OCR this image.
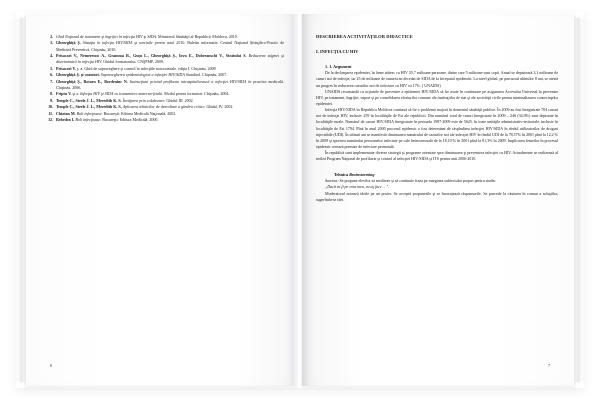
2. Ghid Naţional de tratament şi îngrijiri în infecţia HIV şi SIDA. Ministerul Sănătăţii al Republicii Moldova, 2010.
3. Gheorghiţă Ş. Situaţia în infecţia HIV/SIDA şi sarcinile pentru anul 2010. Buletin informativ. Centrul Naţional Ştiinţifico-Practic de Medicină Preventivă, Chişinău, 2010.
4. Prisacari V., Nemerenco A., Gramma R., Guţu L., Gheorghiţă Ş., Iovu E., Dobreanschi V., Stratulat S. Reducerea stigmei şi discriminării în infecţia HIV. Ghidul formatorului, CNŞPMP, 2009.
5. Prisacari V. ş. a. Ghid de supraveghere şi control în infecţiile nosocomiale. ediţia I. Chişinău, 2008
6. Gheorghiţă Ş. şi coautori. Supravegherea epidemiologică a infecţiei HIV/SIDA Standard. Chişinău, 2007.
7. Gheorghiţă Ş., Rotaru E., Bordeniuc N. Instrucţiuni privind profilaxia intraspitalicească a infecţiei HIV/SIDA în practica medicală. Chişinău, 2006.
8. Friptu V. şi a. Infecţia HIV şi SIDA cu transmitere materno-fetală. Modul pentru formatori. Chişinău, 2004.
9. Temple C., Steele J. L., Meredith K. S. Învăţarea prin colaborare. Ghidul III. 2002.
10. Temple C., Steele J. L., Meredith K. S. Aplicarea tehnicilor de dezvoltare a gîndirii critice. Ghidul IV. 2002.
11. Chiotan M. Boli infecţioase. Bucureşti: Editura Medicală Naţională, 2002.
12. Rebedea I. Boli infecţioase. Bucureşti: Editura Medicală, 2000.
6
DESCRIEREA ACTIVITĂŢILOR DIDACTICE
I. INFECŢIA CU HIV
1. 1. Argument

De la declanşarea epidemiei, în lume trăiesc cu HIV 35,7 milioane persoane, dintre care 5 milioane sunt copii. Anual se depistează 3,1 milioane de cazuri noi de infecţie, iar 25 de milioane de oameni au decedat de SIDA de la începutul epidemiei. La nivel global, pe parcursul ultimilor 8 ani, se atestă un progres în reducerea cazurilor noi de infectare cu HIV cu 17%. ( UNAIDS)

UNAIDS recomandă ca acţiunile de prevenire a epidemiei HIV/SIDA să fie axate în continuare pe asigurarea Accesului Universal la prevenire HIV, pe tratament, îngrijiri, suport şi pe consolidarea eforturilor comune ale instituţiilor de stat şi ale societăţii civile pentru minimalizarea consecinţelor epidemiei.

Infecţia HIV/SIDA în Republica Moldova continuă să fie o problemă majoră în domeniul sănătăţii publice. În 2009 au fost înregistrate 704 cazuri noi de infecţie HIV, inclusiv 259 în localităţile de Est ale republicii. Din numărul total de cazuri înregistrate în 2009 – 246 (34,9%) sunt depistate în localităţile rurale. Numărul de cazuri HIV/SIDA înregistrate în perioada 1987-2009 este de 5625, în toate unităţile administrativ-teritoriale, inclusiv în localităţile de Est 1794. Pînă în anul 2000 procesul epidemic a fost determinat de răspîndirea infecţiei HIV/SIDA în rîndul utilizatorilor de droguri injectabile (UDI). În ultimii ani se manifestă diminuarea numărului de cazurilor noi ale infecţiei HIV în rîndul UDI de la 78,57% în 2001 pînă la 12,2 % în 2009 şi sporirea numărului persoanelor infectate pe cale heterosexuală de la 18,10 % în 2001 pînă la 81,3% în 2009. Implicarea femeilor în procesul epidemic creează premize de infectare perinatală.

În republică sunt implementate diverse strategii şi programe orientate spre diminuarea şi prevenirea infecţiei cu HIV. Actualmente se realizează al treilea Program Naţional de profilaxie şi control al infecţiei HIV/SIDA şi ITS pentru anii 2006-2010.

Tehnica Brainstorming

Sarcina: Se propune elevilor să mediteze şi să continuie fraza pe marginea subiectului propus pentru studiu

„Dacă ar fi pe voia mea, eu aş face ... ".

Moderatorul notează ideile pe un poster. Se acceptă propunerile şi se încurajează răspunsurile. Se purcede la căutarea în comun a soluţiilor, sugerîndu-se idei.

7
